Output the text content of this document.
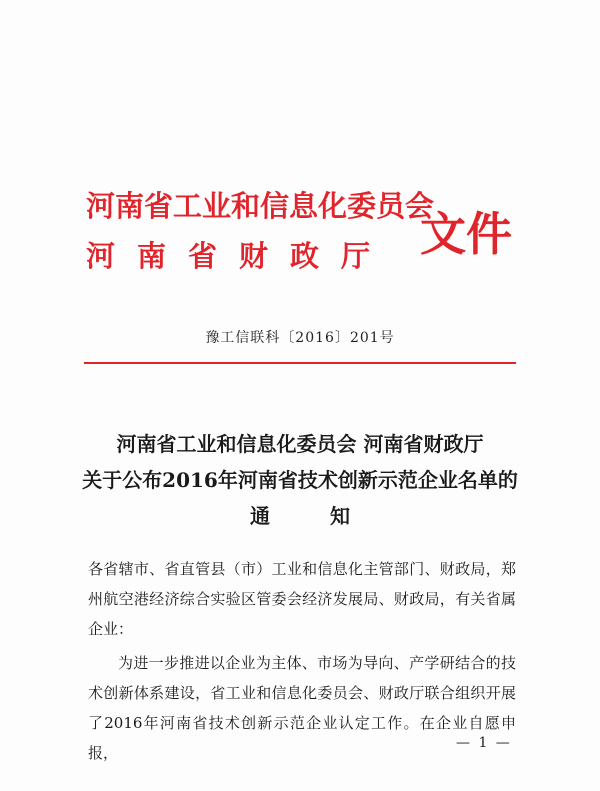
河南省工业和信息化委员会
河南省财政厅 文件
豫工信联科〔2016〕201号
河南省工业和信息化委员会 河南省财政厅
关于公布2016年河南省技术创新示范企业名单的
通知

各省辖市、省直管县（市）工业和信息化主管部门、财政局，郑州航空港经济综合实验区管委会经济发展局、财政局，有关省属企业：

为进一步推进以企业为主体、市场为导向、产学研结合的技术创新体系建设，省工业和信息化委员会、财政厅联合组织开展了2016年河南省技术创新示范企业认定工作。在企业自愿申报，

— 1 —
